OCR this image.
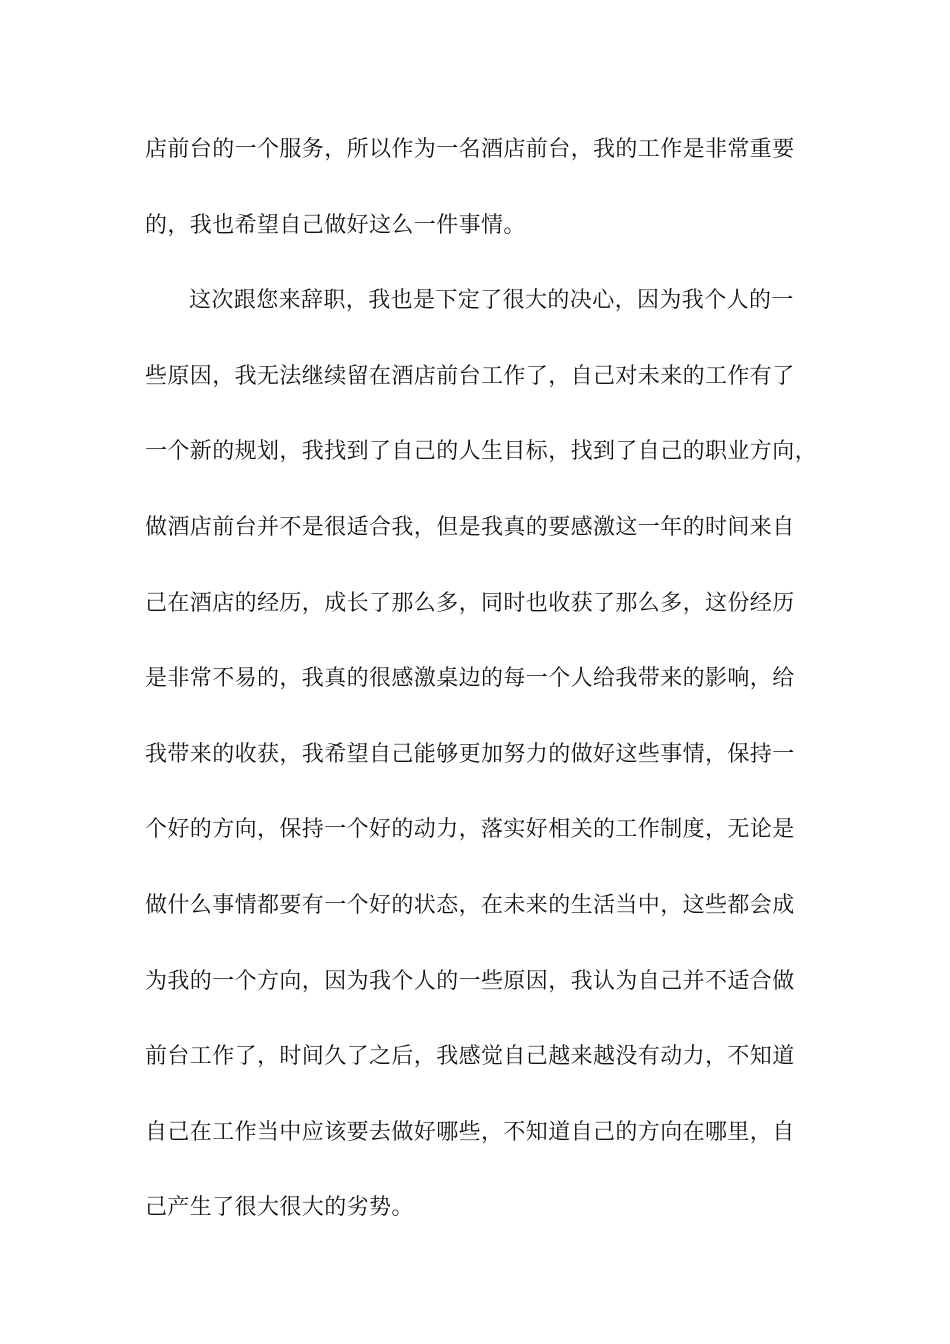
店前台的一个服务，所以作为一名酒店前台，我的工作是非常重要
的，我也希望自己做好这么一件事情。
这次跟您来辞职，我也是下定了很大的决心，因为我个人的一
些原因，我无法继续留在酒店前台工作了，自己对未来的工作有了
一个新的规划，我找到了自己的人生目标，找到了自己的职业方向，
做酒店前台并不是很适合我，但是我真的要感激这一年的时间来自
己在酒店的经历，成长了那么多，同时也收获了那么多，这份经历
是非常不易的，我真的很感激桌边的每一个人给我带来的影响，给
我带来的收获，我希望自己能够更加努力的做好这些事情，保持一
个好的方向，保持一个好的动力，落实好相关的工作制度，无论是
做什么事情都要有一个好的状态，在未来的生活当中，这些都会成
为我的一个方向，因为我个人的一些原因，我认为自己并不适合做
前台工作了，时间久了之后，我感觉自己越来越没有动力，不知道
自己在工作当中应该要去做好哪些，不知道自己的方向在哪里，自
己产生了很大很大的劣势。
